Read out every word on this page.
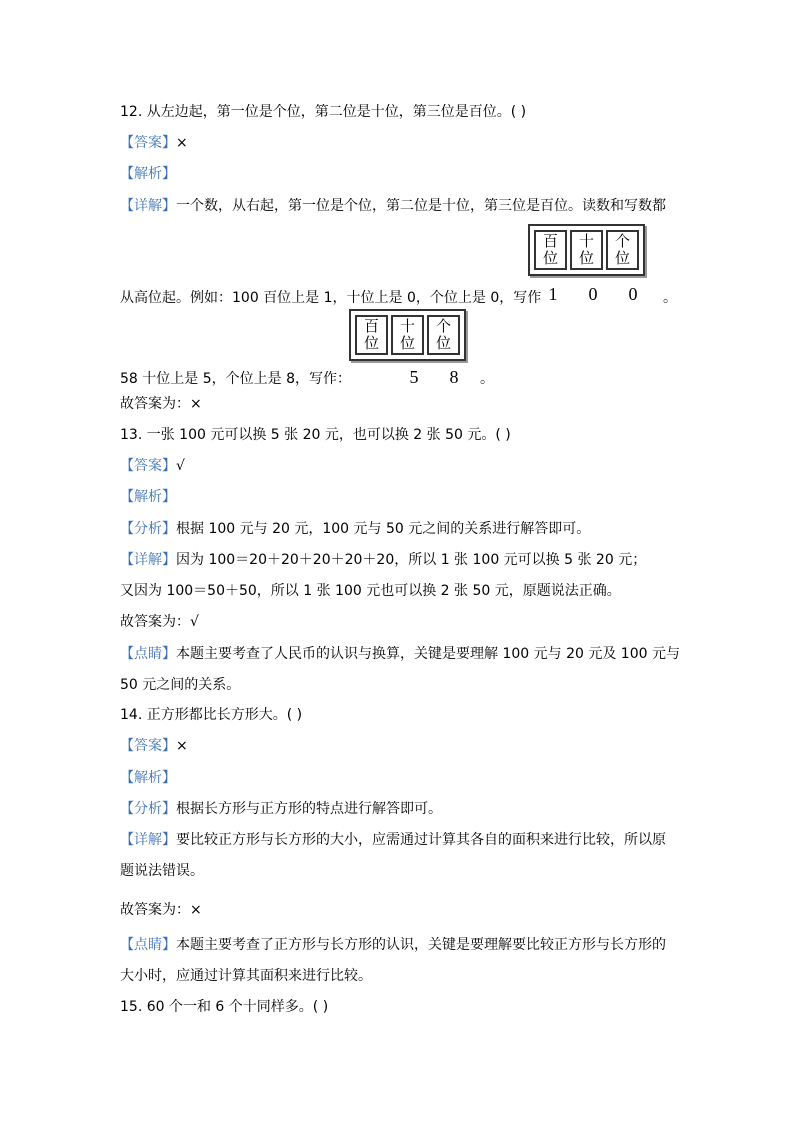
12. 从左边起，第一位是个位，第二位是十位，第三位是百位。( )
【答案】×
【解析】
【详解】一个数，从右起，第一位是个位，第二位是十位，第三位是百位。读数和写数都
百
位
十
位
个
位
1	0	0
从高位起。例如：100 百位上是 1，十位上是 0，个位上是 0，写作	。
百
位
十
位
个
位
5	8
58 十位上是 5，个位上是 8，写作：	。
故答案为：×
13. 一张 100 元可以换 5 张 20 元，也可以换 2 张 50 元。( )
【答案】√
【解析】
【分析】根据 100 元与 20 元，100 元与 50 元之间的关系进行解答即可。
【详解】因为 100＝20＋20＋20＋20＋20，所以 1 张 100 元可以换 5 张 20 元；
又因为 100＝50＋50，所以 1 张 100 元也可以换 2 张 50 元，原题说法正确。
故答案为：√
【点睛】本题主要考查了人民币的认识与换算，关键是要理解 100 元与 20 元及 100 元与
50 元之间的关系。
14. 正方形都比长方形大。( )
【答案】×
【解析】
【分析】根据长方形与正方形的特点进行解答即可。
【详解】要比较正方形与长方形的大小，应需通过计算其各自的面积来进行比较，所以原
题说法错误。
故答案为：×
【点睛】本题主要考查了正方形与长方形的认识，关键是要理解要比较正方形与长方形的
大小时，应通过计算其面积来进行比较。
15. 60 个一和 6 个十同样多。( )
